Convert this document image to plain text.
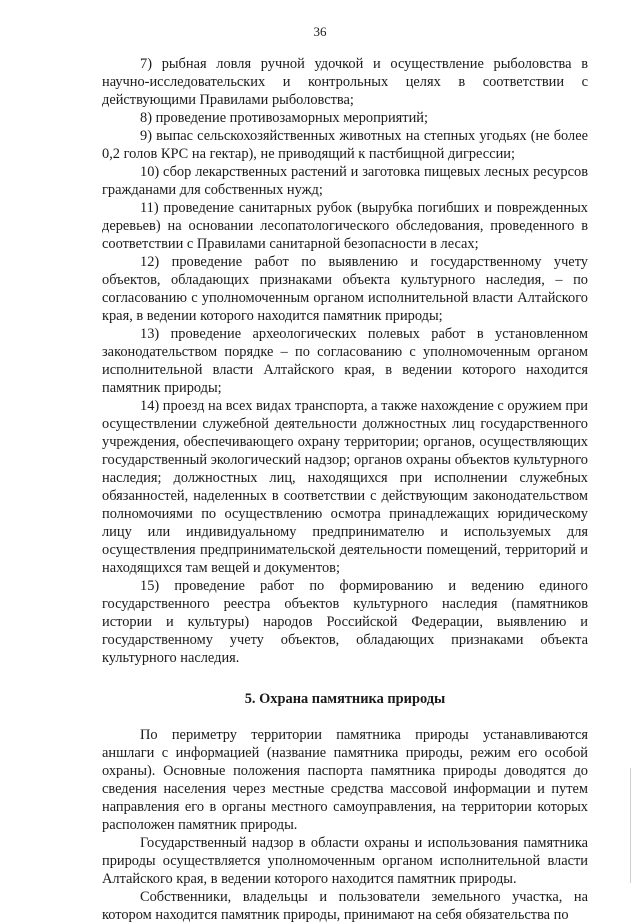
36

7) рыбная ловля ручной удочкой и осуществление рыболовства в научно-исследовательских и контрольных целях в соответствии с действующими Правилами рыболовства;

8) проведение противозаморных мероприятий;

9) выпас сельскохозяйственных животных на степных угодьях (не более 0,2 голов КРС на гектар), не приводящий к пастбищной дигрессии;

10) сбор лекарственных растений и заготовка пищевых лесных ресурсов гражданами для собственных нужд;

11) проведение санитарных рубок (вырубка погибших и поврежденных деревьев) на основании лесопатологического обследования, проведенного в соответствии с Правилами санитарной безопасности в лесах;

12) проведение работ по выявлению и государственному учету объектов, обладающих признаками объекта культурного наследия, – по согласованию с уполномоченным органом исполнительной власти Алтайского края, в ведении которого находится памятник природы;

13) проведение археологических полевых работ в установленном законодательством порядке – по согласованию с уполномоченным органом исполнительной власти Алтайского края, в ведении которого находится памятник природы;

14) проезд на всех видах транспорта, а также нахождение с оружием при осуществлении служебной деятельности должностных лиц государственного учреждения, обеспечивающего охрану территории; органов, осуществляющих государственный экологический надзор; органов охраны объектов культурного наследия; должностных лиц, находящихся при исполнении служебных обязанностей, наделенных в соответствии с действующим законодательством полномочиями по осуществлению осмотра принадлежащих юридическому лицу или индивидуальному предпринимателю и используемых для осуществления предпринимательской деятельности помещений, территорий и находящихся там вещей и документов;

15) проведение работ по формированию и ведению единого государственного реестра объектов культурного наследия (памятников истории и культуры) народов Российской Федерации, выявлению и государственному учету объектов, обладающих признаками объекта культурного наследия.

5. Охрана памятника природы

По периметру территории памятника природы устанавливаются аншлаги с информацией (название памятника природы, режим его особой охраны). Основные положения паспорта памятника природы доводятся до сведения населения через местные средства массовой информации и путем направления его в органы местного самоуправления, на территории которых расположен памятник природы.

Государственный надзор в области охраны и использования памятника природы осуществляется уполномоченным органом исполнительной власти Алтайского края, в ведении которого находится памятник природы.

Собственники, владельцы и пользователи земельного участка, на котором находится памятник природы, принимают на себя обязательства по
